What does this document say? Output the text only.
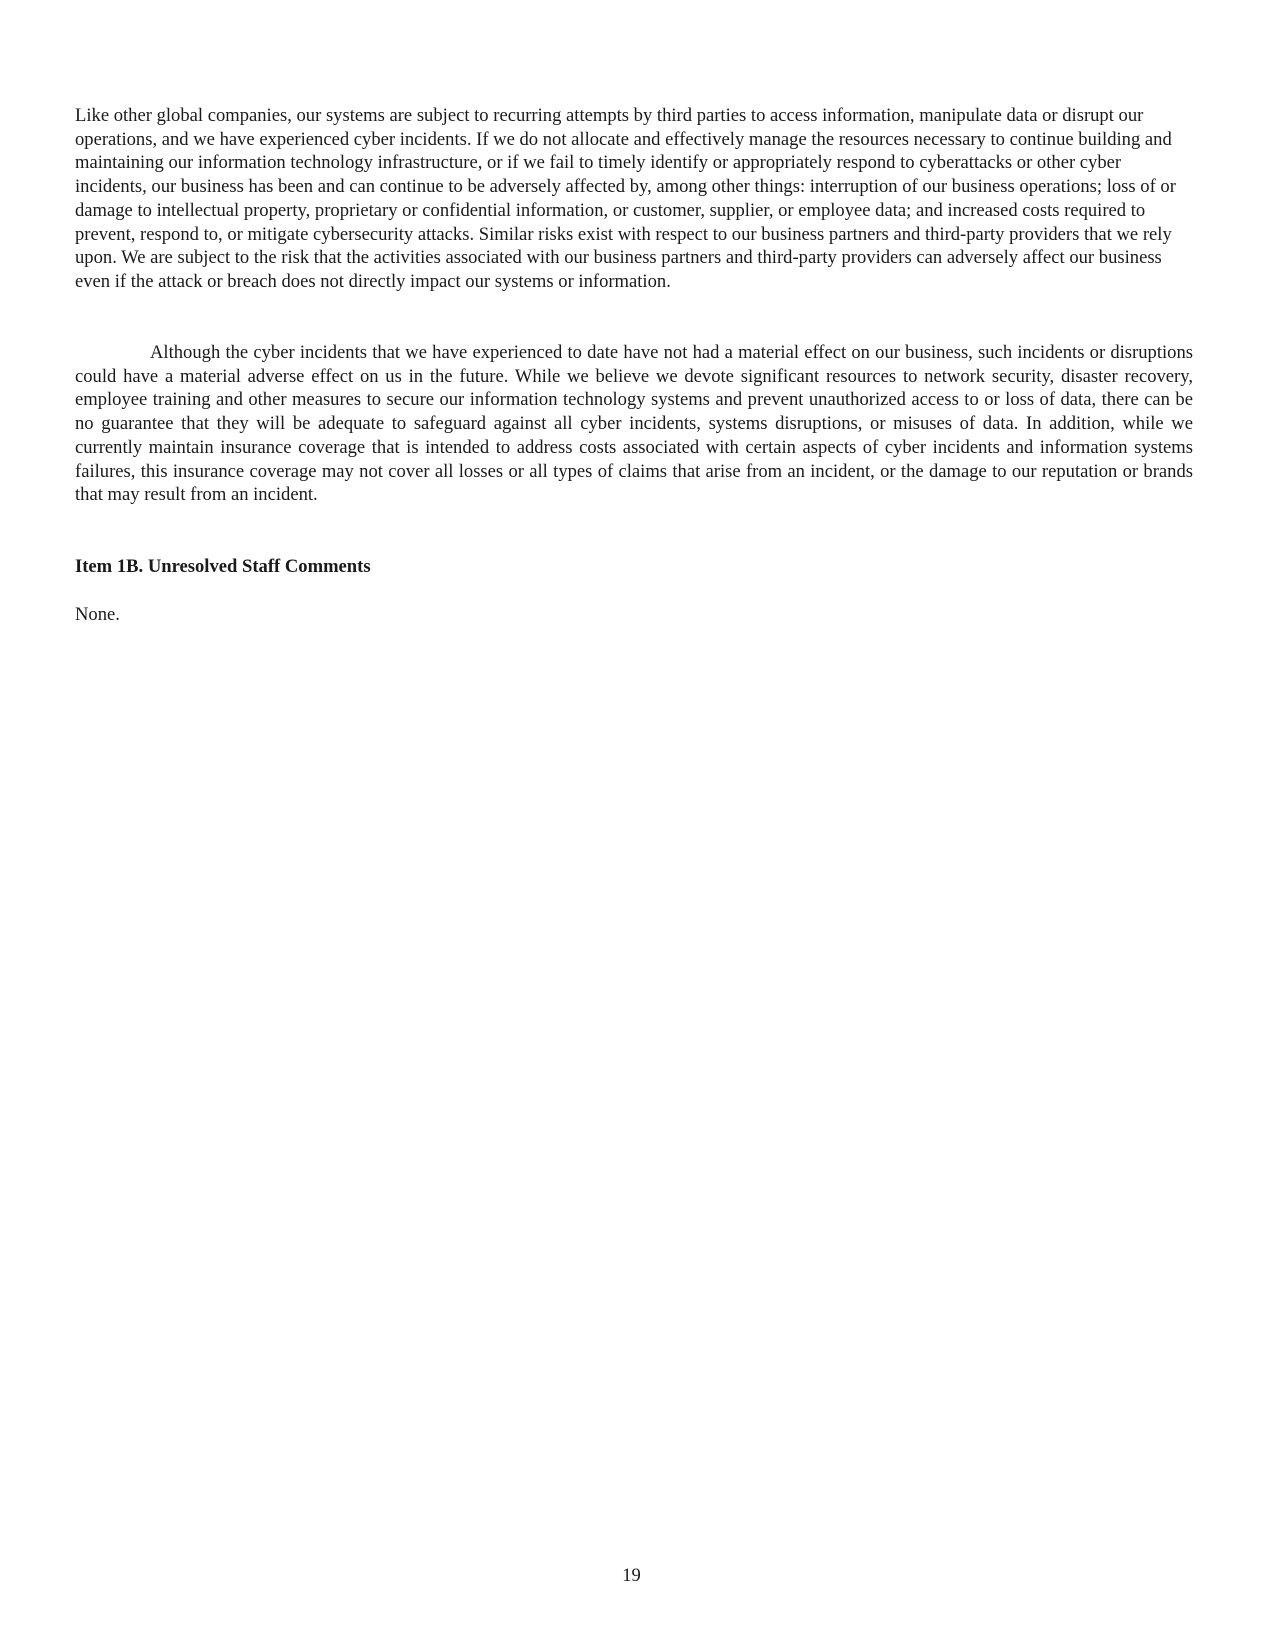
Like other global companies, our systems are subject to recurring attempts by third parties to access information, manipulate data or disrupt our operations, and we have experienced cyber incidents. If we do not allocate and effectively manage the resources necessary to continue building and maintaining our information technology infrastructure, or if we fail to timely identify or appropriately respond to cyberattacks or other cyber incidents, our business has been and can continue to be adversely affected by, among other things: interruption of our business operations; loss of or damage to intellectual property, proprietary or confidential information, or customer, supplier, or employee data; and increased costs required to prevent, respond to, or mitigate cybersecurity attacks. Similar risks exist with respect to our business partners and third-party providers that we rely upon. We are subject to the risk that the activities associated with our business partners and third-party providers can adversely affect our business even if the attack or breach does not directly impact our systems or information.

Although the cyber incidents that we have experienced to date have not had a material effect on our business, such incidents or disruptions could have a material adverse effect on us in the future. While we believe we devote significant resources to network security, disaster recovery, employee training and other measures to secure our information technology systems and prevent unauthorized access to or loss of data, there can be no guarantee that they will be adequate to safeguard against all cyber incidents, systems disruptions, or misuses of data. In addition, while we currently maintain insurance coverage that is intended to address costs associated with certain aspects of cyber incidents and information systems failures, this insurance coverage may not cover all losses or all types of claims that arise from an incident, or the damage to our reputation or brands that may result from an incident.

Item 1B. Unresolved Staff Comments

None.

19
